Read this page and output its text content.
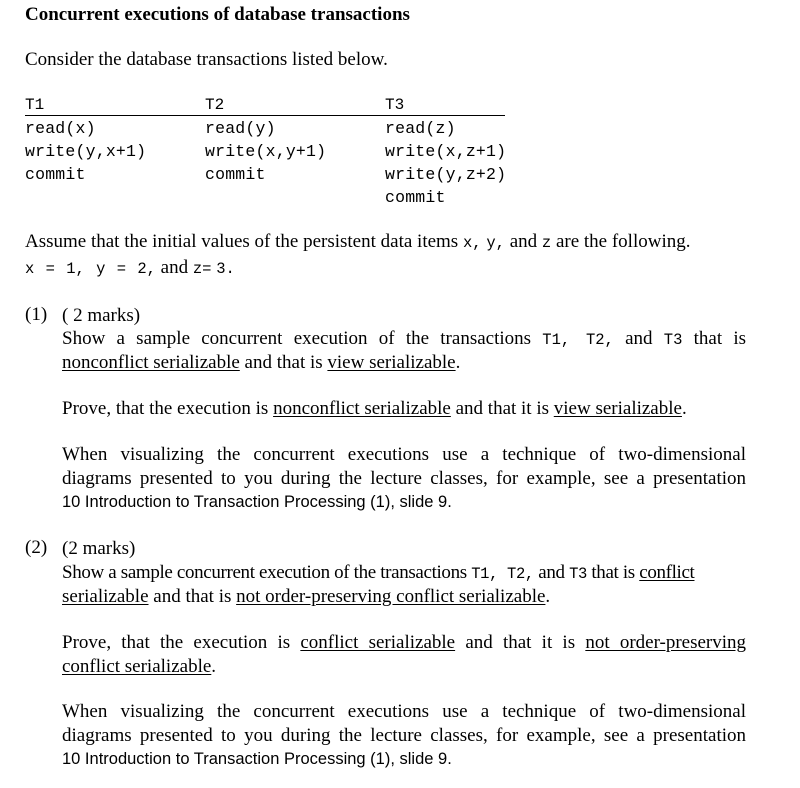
Concurrent executions of database transactions
Consider the database transactions listed below.
T1
read(x)
write(y,x+1)
commit
T2
read(y)
write(x,y+1)
commit
T3
read(z)
write(x,z+1)
write(y,z+2)
commit
Assume that the initial values of the persistent data items x, y, and z are the following.
x = 1, y = 2, and z= 3.
(1) ( 2 marks)
Show a sample concurrent execution of the transactions T1, T2, and T3 that is
nonconflict serializable and that is view serializable.
Prove, that the execution is nonconflict serializable and that it is view serializable.
When visualizing the concurrent executions use a technique of two-dimensional
diagrams presented to you during the lecture classes, for example, see a presentation
10 Introduction to Transaction Processing (1), slide 9.
(2) (2 marks)
Show a sample concurrent execution of the transactions T1, T2, and T3 that is conflict
serializable and that is not order-preserving conflict serializable.
Prove, that the execution is conflict serializable and that it is not order-preserving
conflict serializable.
When visualizing the concurrent executions use a technique of two-dimensional
diagrams presented to you during the lecture classes, for example, see a presentation
10 Introduction to Transaction Processing (1), slide 9.
